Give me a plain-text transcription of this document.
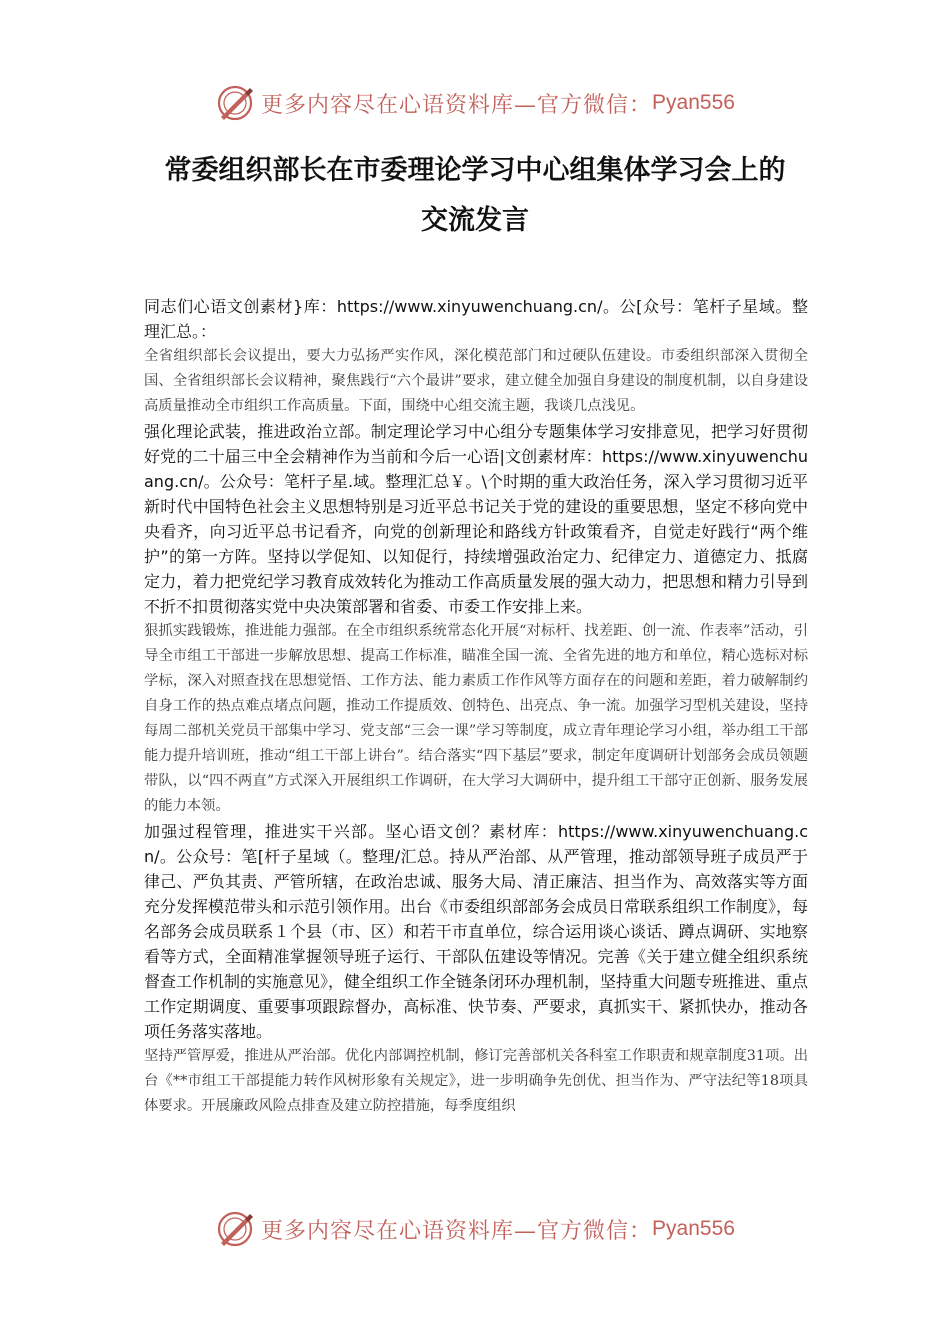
更多内容尽在心语资料库—官方微信： Pyan556
常委组织部长在市委理论学习中心组集体学习会上的
交流发言

同志们心语文创素材}库：https://www.xinyuwenchuang.cn/。公[众号：笔杆子星域。整理汇总。：

全省组织部长会议提出，要大力弘扬严实作风，深化模范部门和过硬队伍建设。市委组织部深入贯彻全国、全省组织部长会议精神，聚焦践行“六个最讲”要求，建立健全加强自身建设的制度机制，以自身建设高质量推动全市组织工作高质量。下面，围绕中心组交流主题，我谈几点浅见。

强化理论武装，推进政治立部。制定理论学习中心组分专题集体学习安排意见，把学习好贯彻好党的二十届三中全会精神作为当前和今后一心语|文创素材库：https://www.xinyuwenchuang.cn/。公众号：笔杆子星.域。整理汇总￥。\个时期的重大政治任务，深入学习贯彻习近平新时代中国特色社会主义思想特别是习近平总书记关于党的建设的重要思想，坚定不移向党中央看齐，向习近平总书记看齐，向党的创新理论和路线方针政策看齐，自觉走好践行“两个维护”的第一方阵。坚持以学促知、以知促行，持续增强政治定力、纪律定力、道德定力、抵腐定力，着力把党纪学习教育成效转化为推动工作高质量发展的强大动力，把思想和精力引导到不折不扣贯彻落实党中央决策部署和省委、市委工作安排上来。

狠抓实践锻炼，推进能力强部。在全市组织系统常态化开展“对标杆、找差距、创一流、作表率”活动，引导全市组工干部进一步解放思想、提高工作标准，瞄准全国一流、全省先进的地方和单位，精心选标对标学标，深入对照查找在思想觉悟、工作方法、能力素质工作作风等方面存在的问题和差距，着力破解制约自身工作的热点难点堵点问题，推动工作提质效、创特色、出亮点、争一流。加强学习型机关建设，坚持每周二部机关党员干部集中学习、党支部“三会一课”学习等制度，成立青年理论学习小组，举办组工干部能力提升培训班，推动“组工干部上讲台”。结合落实“四下基层”要求，制定年度调研计划部务会成员领题带队，以“四不两直”方式深入开展组织工作调研，在大学习大调研中，提升组工干部守正创新、服务发展的能力本领。

加强过程管理，推进实干兴部。坚心语文创？素材库：https://www.xinyuwenchuang.cn/。公众号：笔[杆子星域（。整理/汇总。持从严治部、从严管理，推动部领导班子成员严于律己、严负其责、严管所辖，在政治忠诚、服务大局、清正廉洁、担当作为、高效落实等方面充分发挥模范带头和示范引领作用。出台《市委组织部部务会成员日常联系组织工作制度》，每名部务会成员联系１个县（市、区）和若干市直单位，综合运用谈心谈话、蹲点调研、实地察看等方式，全面精准掌握领导班子运行、干部队伍建设等情况。完善《关于建立健全组织系统督查工作机制的实施意见》，健全组织工作全链条闭环办理机制，坚持重大问题专班推进、重点工作定期调度、重要事项跟踪督办，高标准、快节奏、严要求，真抓实干、紧抓快办，推动各项任务落实落地。

坚持严管厚爱，推进从严治部。优化内部调控机制，修订完善部机关各科室工作职责和规章制度31项。出台《**市组工干部提能力转作风树形象有关规定》，进一步明确争先创优、担当作为、严守法纪等18项具体要求。开展廉政风险点排查及建立防控措施，每季度组织

更多内容尽在心语资料库—官方微信： Pyan556
